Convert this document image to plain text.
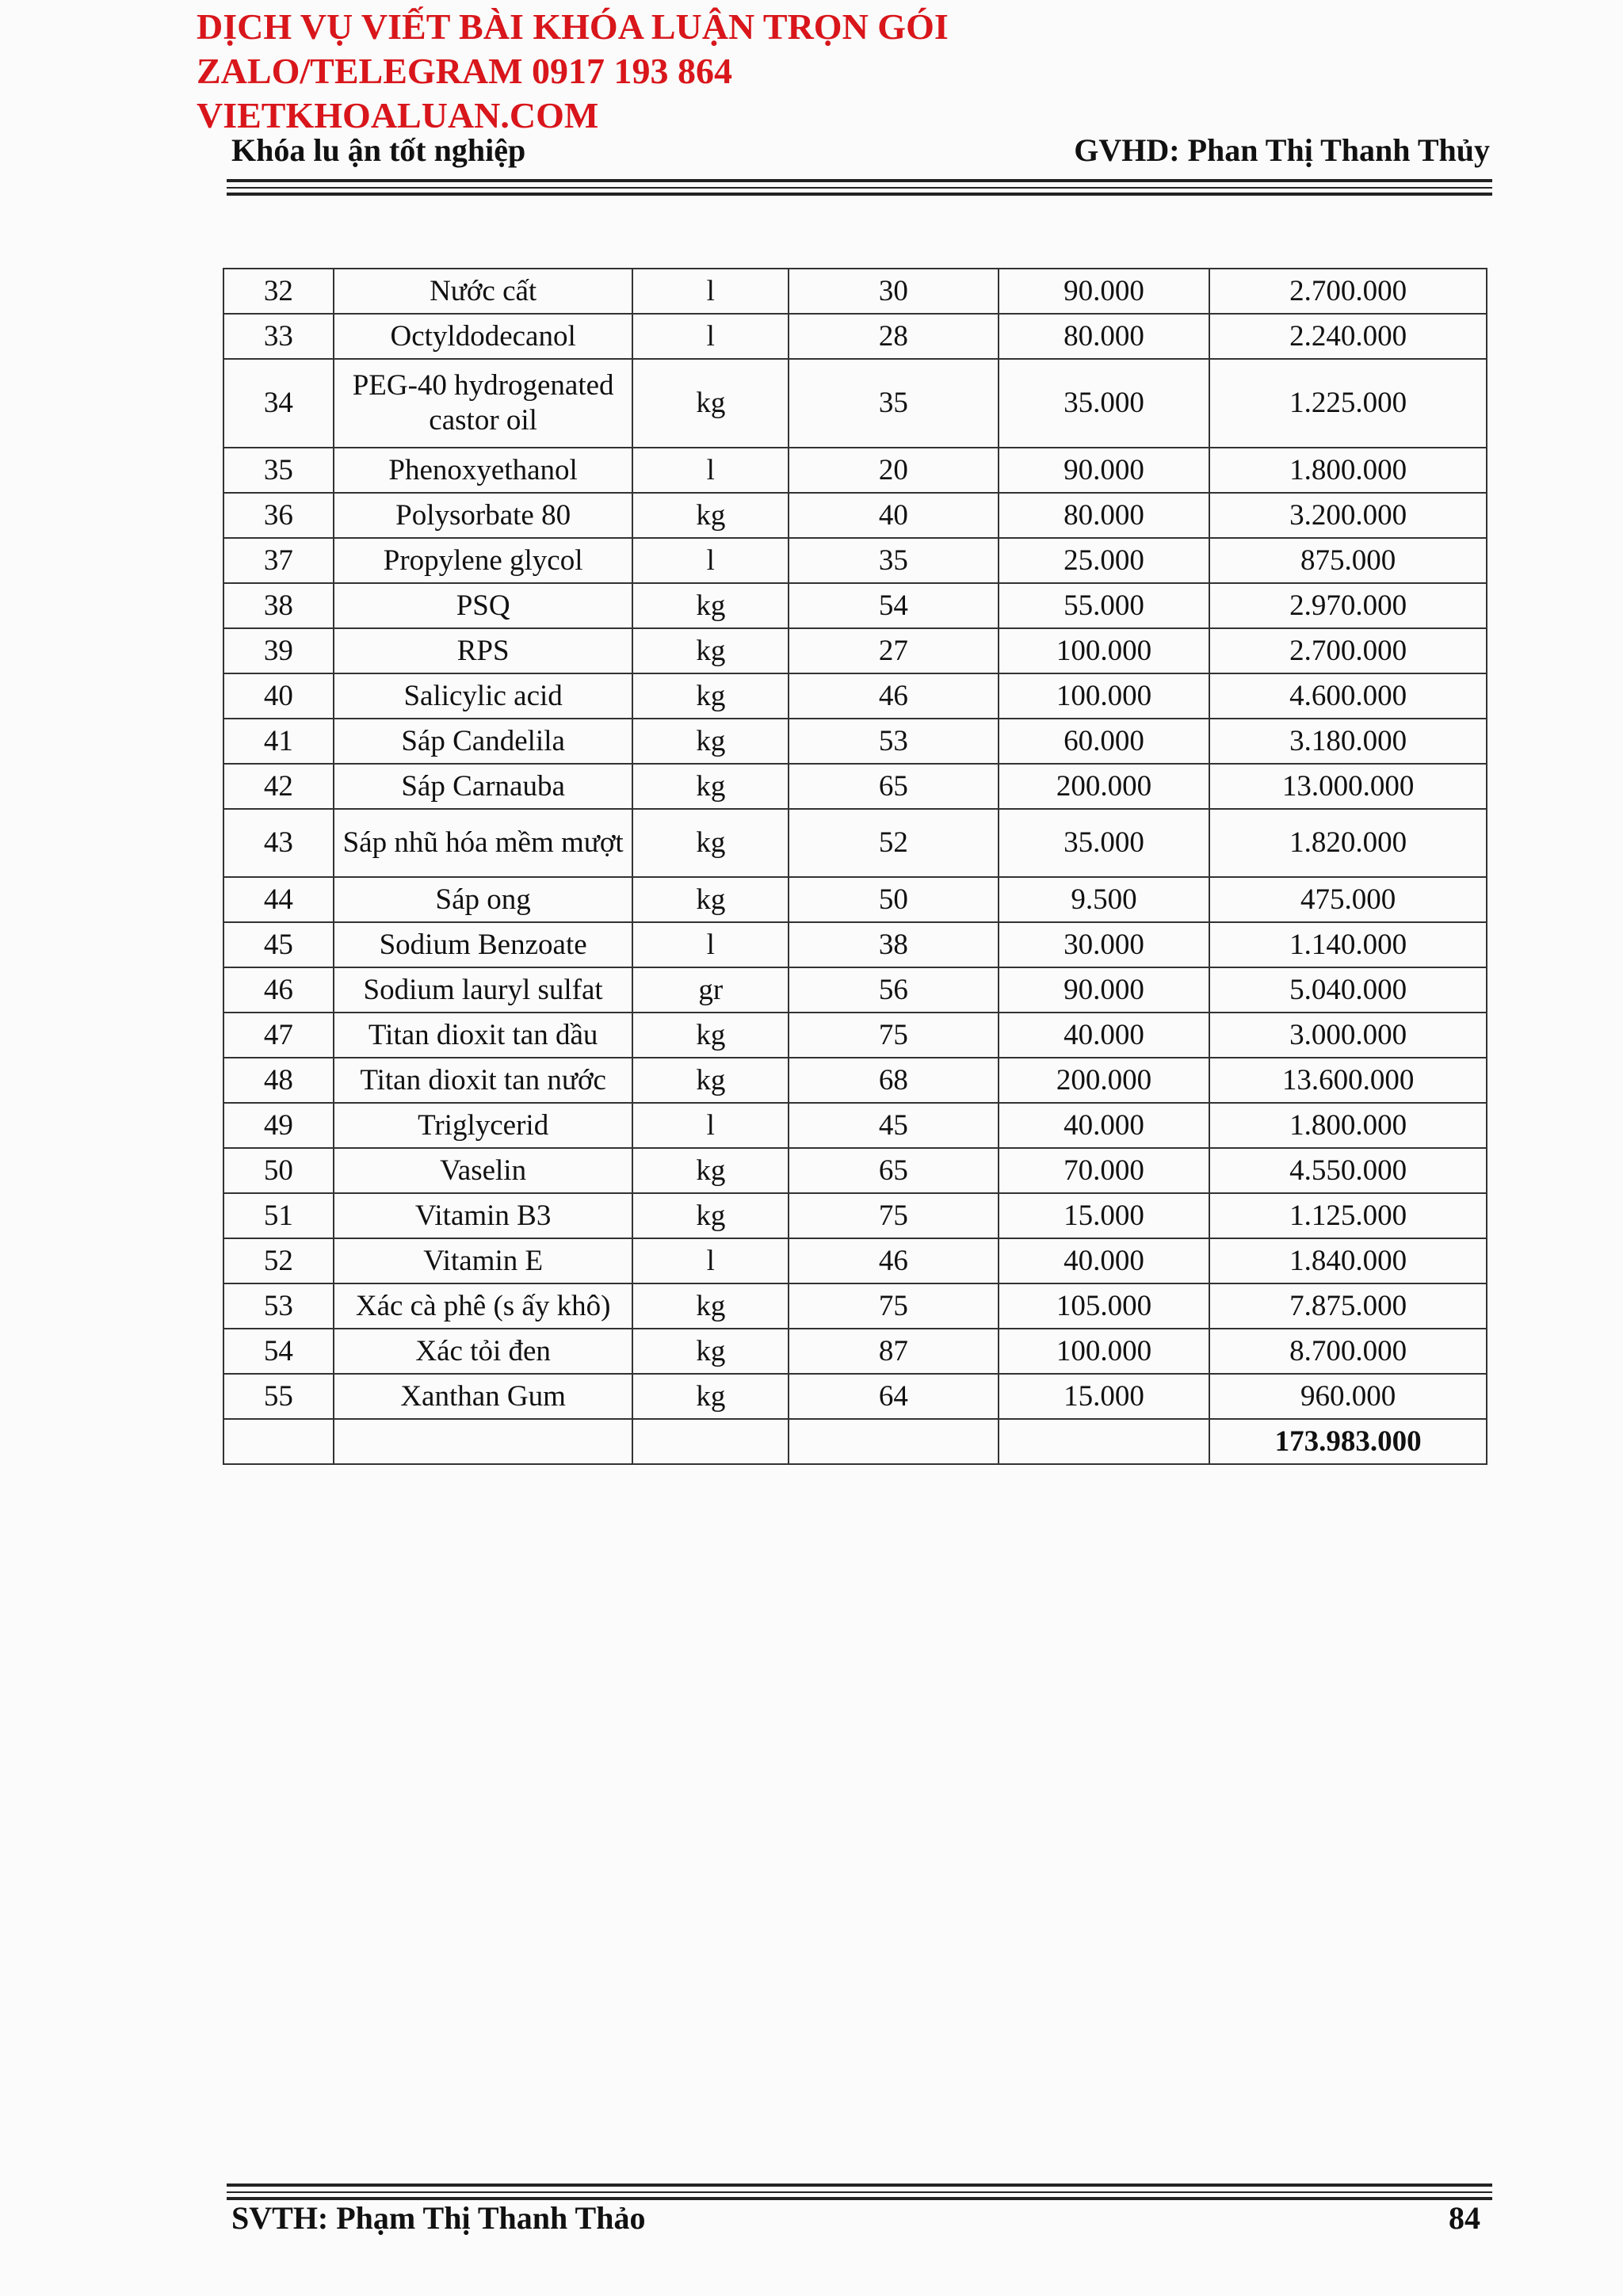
DỊCH VỤ VIẾT BÀI KHÓA LUẬN TRỌN GÓI
ZALO/TELEGRAM 0917 193 864
VIETKHOALUAN.COM
Khóa lu ận tốt nghiệp	GVHD: Phan Thị Thanh Thủy
32	Nước cất	l	30	90.000	2.700.000
33	Octyldodecanol	l	28	80.000	2.240.000
34	PEG-40 hydrogenated castor oil	kg	35	35.000	1.225.000
35	Phenoxyethanol	l	20	90.000	1.800.000
36	Polysorbate 80	kg	40	80.000	3.200.000
37	Propylene glycol	l	35	25.000	875.000
38	PSQ	kg	54	55.000	2.970.000
39	RPS	kg	27	100.000	2.700.000
40	Salicylic acid	kg	46	100.000	4.600.000
41	Sáp Candelila	kg	53	60.000	3.180.000
42	Sáp Carnauba	kg	65	200.000	13.000.000
43	Sáp nhũ hóa mềm mượt	kg	52	35.000	1.820.000
44	Sáp ong	kg	50	9.500	475.000
45	Sodium Benzoate	l	38	30.000	1.140.000
46	Sodium lauryl sulfat	gr	56	90.000	5.040.000
47	Titan dioxit tan dầu	kg	75	40.000	3.000.000
48	Titan dioxit tan nước	kg	68	200.000	13.600.000
49	Triglycerid	l	45	40.000	1.800.000
50	Vaselin	kg	65	70.000	4.550.000
51	Vitamin B3	kg	75	15.000	1.125.000
52	Vitamin E	l	46	40.000	1.840.000
53	Xác cà phê (s ấy khô)	kg	75	105.000	7.875.000
54	Xác tỏi đen	kg	87	100.000	8.700.000
55	Xanthan Gum	kg	64	15.000	960.000
					173.983.000
SVTH: Phạm Thị Thanh Thảo	84
